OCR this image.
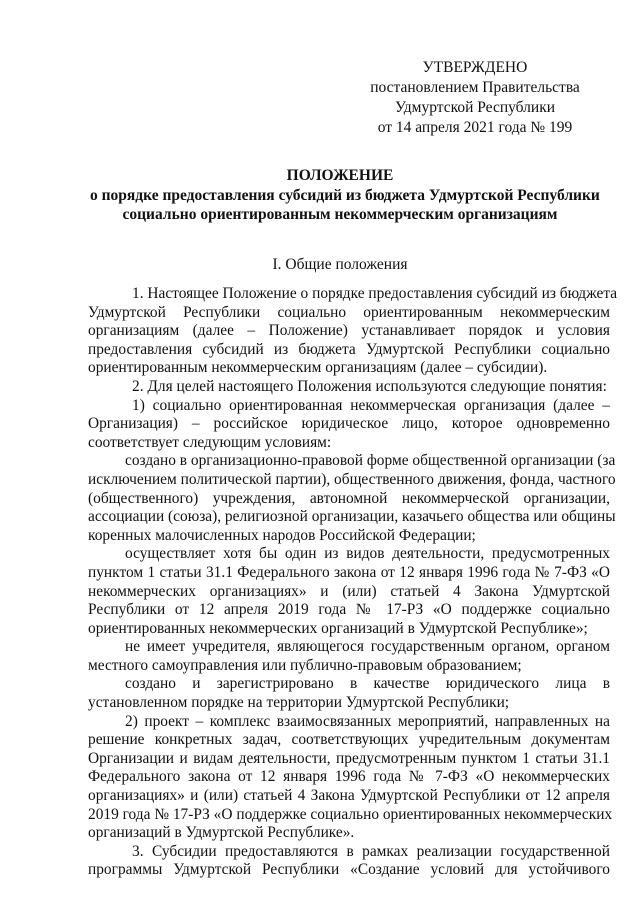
УТВЕРЖДЕНО
постановлением Правительства
Удмуртской Республики
от 14 апреля 2021 года № 199
ПОЛОЖЕНИЕ
о порядке предоставления субсидий из бюджета Удмуртской Республики
социально ориентированным некоммерческим организациям
I. Общие положения
1. Настоящее Положение о порядке предоставления субсидий из бюджета
Удмуртской Республики социально ориентированным некоммерческим
организациям (далее – Положение) устанавливает порядок и условия
предоставления субсидий из бюджета Удмуртской Республики социально
ориентированным некоммерческим организациям (далее – субсидии).
2. Для целей настоящего Положения используются следующие понятия:
1) социально ориентированная некоммерческая организация (далее –
Организация) – российское юридическое лицо, которое одновременно
соответствует следующим условиям:
создано в организационно-правовой форме общественной организации (за
исключением политической партии), общественного движения, фонда, частного
(общественного) учреждения, автономной некоммерческой организации,
ассоциации (союза), религиозной организации, казачьего общества или общины
коренных малочисленных народов Российской Федерации;
осуществляет хотя бы один из видов деятельности, предусмотренных
пунктом 1 статьи 31.1 Федерального закона от 12 января 1996 года № 7-ФЗ «О
некоммерческих организациях» и (или) статьей 4 Закона Удмуртской
Республики от 12 апреля 2019 года № 17-РЗ «О поддержке социально
ориентированных некоммерческих организаций в Удмуртской Республике»;
не имеет учредителя, являющегося государственным органом, органом
местного самоуправления или публично-правовым образованием;
создано и зарегистрировано в качестве юридического лица в
установленном порядке на территории Удмуртской Республики;
2) проект – комплекс взаимосвязанных мероприятий, направленных на
решение конкретных задач, соответствующих учредительным документам
Организации и видам деятельности, предусмотренным пунктом 1 статьи 31.1
Федерального закона от 12 января 1996 года № 7-ФЗ «О некоммерческих
организациях» и (или) статьей 4 Закона Удмуртской Республики от 12 апреля
2019 года № 17-РЗ «О поддержке социально ориентированных некоммерческих
организаций в Удмуртской Республике».
3. Субсидии предоставляются в рамках реализации государственной
программы Удмуртской Республики «Создание условий для устойчивого
